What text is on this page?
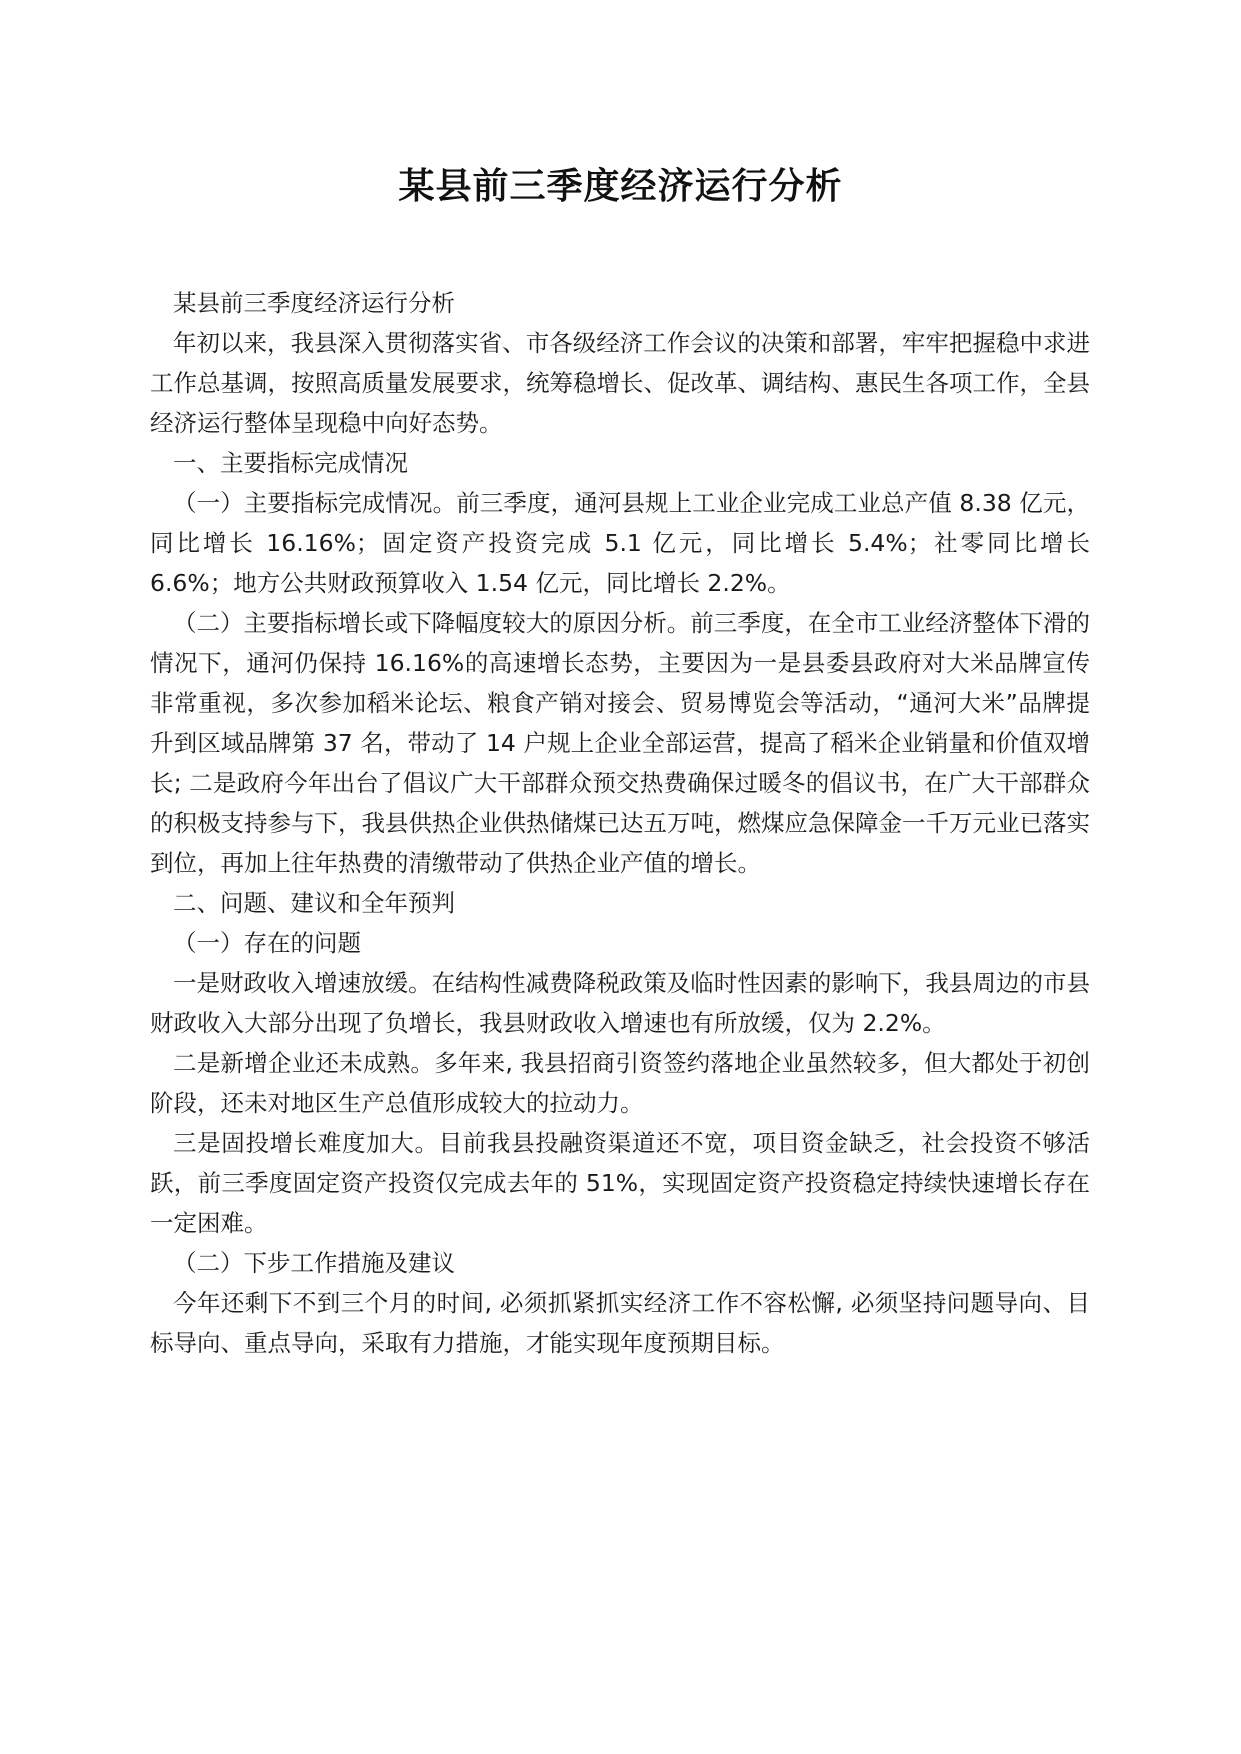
某县前三季度经济运行分析

某县前三季度经济运行分析

年初以来，我县深入贯彻落实省、市各级经济工作会议的决策和部署，牢牢把握稳中求进工作总基调，按照高质量发展要求，统筹稳增长、促改革、调结构、惠民生各项工作，全县经济运行整体呈现稳中向好态势。

一、主要指标完成情况

（一）主要指标完成情况。前三季度，通河县规上工业企业完成工业总产值 8.38 亿元，同比增长 16.16%；固定资产投资完成 5.1 亿元，同比增长 5.4%；社零同比增长 6.6%；地方公共财政预算收入 1.54 亿元，同比增长 2.2%。

（二）主要指标增长或下降幅度较大的原因分析。前三季度，在全市工业经济整体下滑的情况下，通河仍保持 16.16%的高速增长态势，主要因为一是县委县政府对大米品牌宣传非常重视，多次参加稻米论坛、粮食产销对接会、贸易博览会等活动，“通河大米”品牌提升到区域品牌第 37 名，带动了 14 户规上企业全部运营，提高了稻米企业销量和价值双增长; 二是政府今年出台了倡议广大干部群众预交热费确保过暖冬的倡议书，在广大干部群众的积极支持参与下，我县供热企业供热储煤已达五万吨，燃煤应急保障金一千万元业已落实到位，再加上往年热费的清缴带动了供热企业产值的增长。

二、问题、建议和全年预判

（一）存在的问题

一是财政收入增速放缓。在结构性减费降税政策及临时性因素的影响下，我县周边的市县财政收入大部分出现了负增长，我县财政收入增速也有所放缓，仅为 2.2%。

二是新增企业还未成熟。多年来, 我县招商引资签约落地企业虽然较多，但大都处于初创阶段，还未对地区生产总值形成较大的拉动力。

三是固投增长难度加大。目前我县投融资渠道还不宽，项目资金缺乏，社会投资不够活跃，前三季度固定资产投资仅完成去年的 51%，实现固定资产投资稳定持续快速增长存在一定困难。

（二）下步工作措施及建议

今年还剩下不到三个月的时间, 必须抓紧抓实经济工作不容松懈, 必须坚持问题导向、目标导向、重点导向，采取有力措施，才能实现年度预期目标。
